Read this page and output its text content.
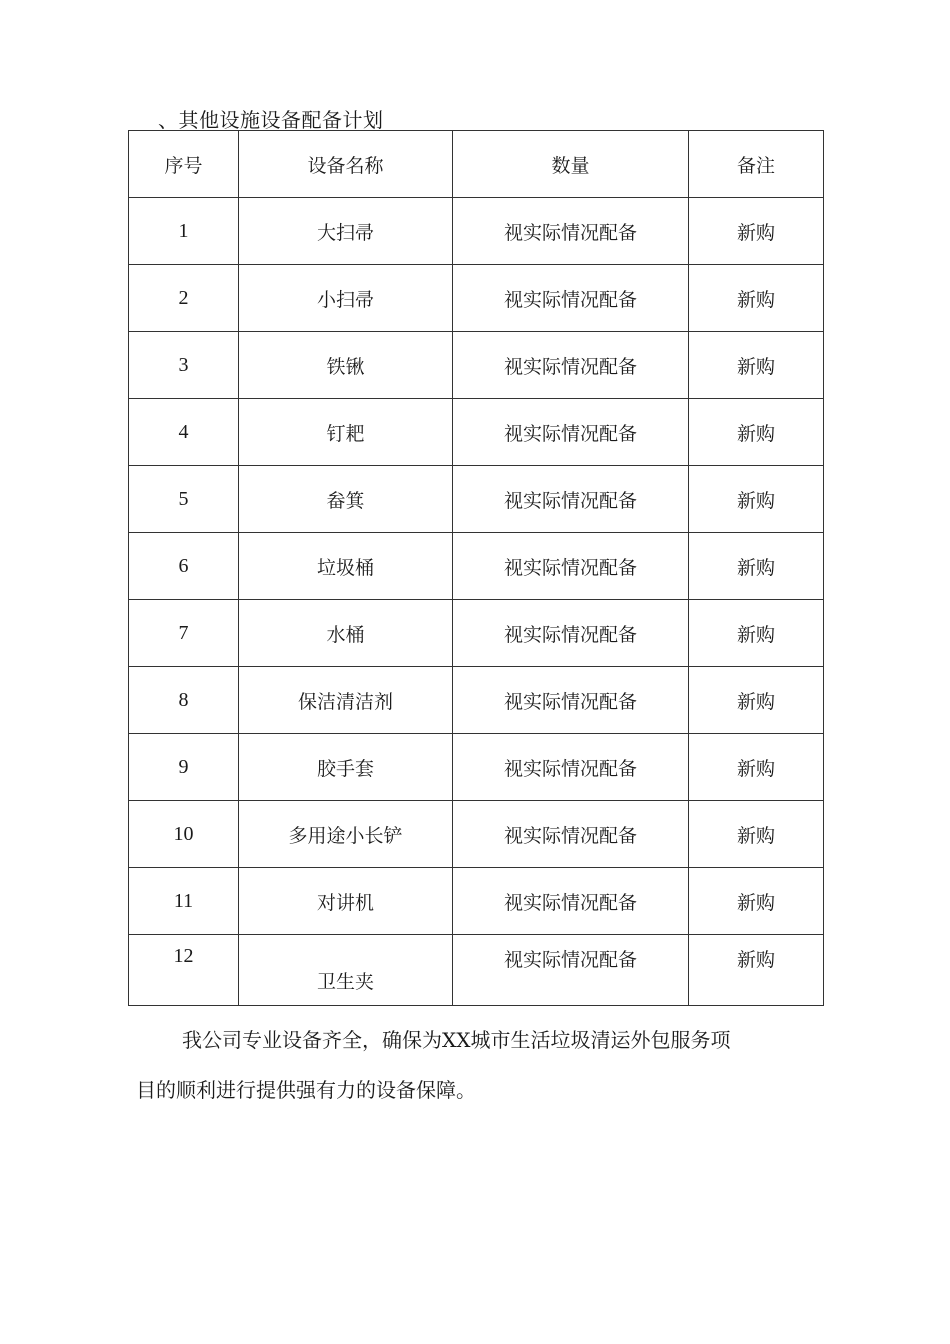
、其他设施设备配备计划
序号	设备名称	数量	备注
1	大扫帚	视实际情况配备	新购
2	小扫帚	视实际情况配备	新购
3	铁锹	视实际情况配备	新购
4	钉耙	视实际情况配备	新购
5	畚箕	视实际情况配备	新购
6	垃圾桶	视实际情况配备	新购
7	水桶	视实际情况配备	新购
8	保洁清洁剂	视实际情况配备	新购
9	胶手套	视实际情况配备	新购
10	多用途小长铲	视实际情况配备	新购
11	对讲机	视实际情况配备	新购
12	卫生夹	视实际情况配备	新购
我公司专业设备齐全，确保为XX城市生活垃圾清运外包服务项
目的顺利进行提供强有力的设备保障。
